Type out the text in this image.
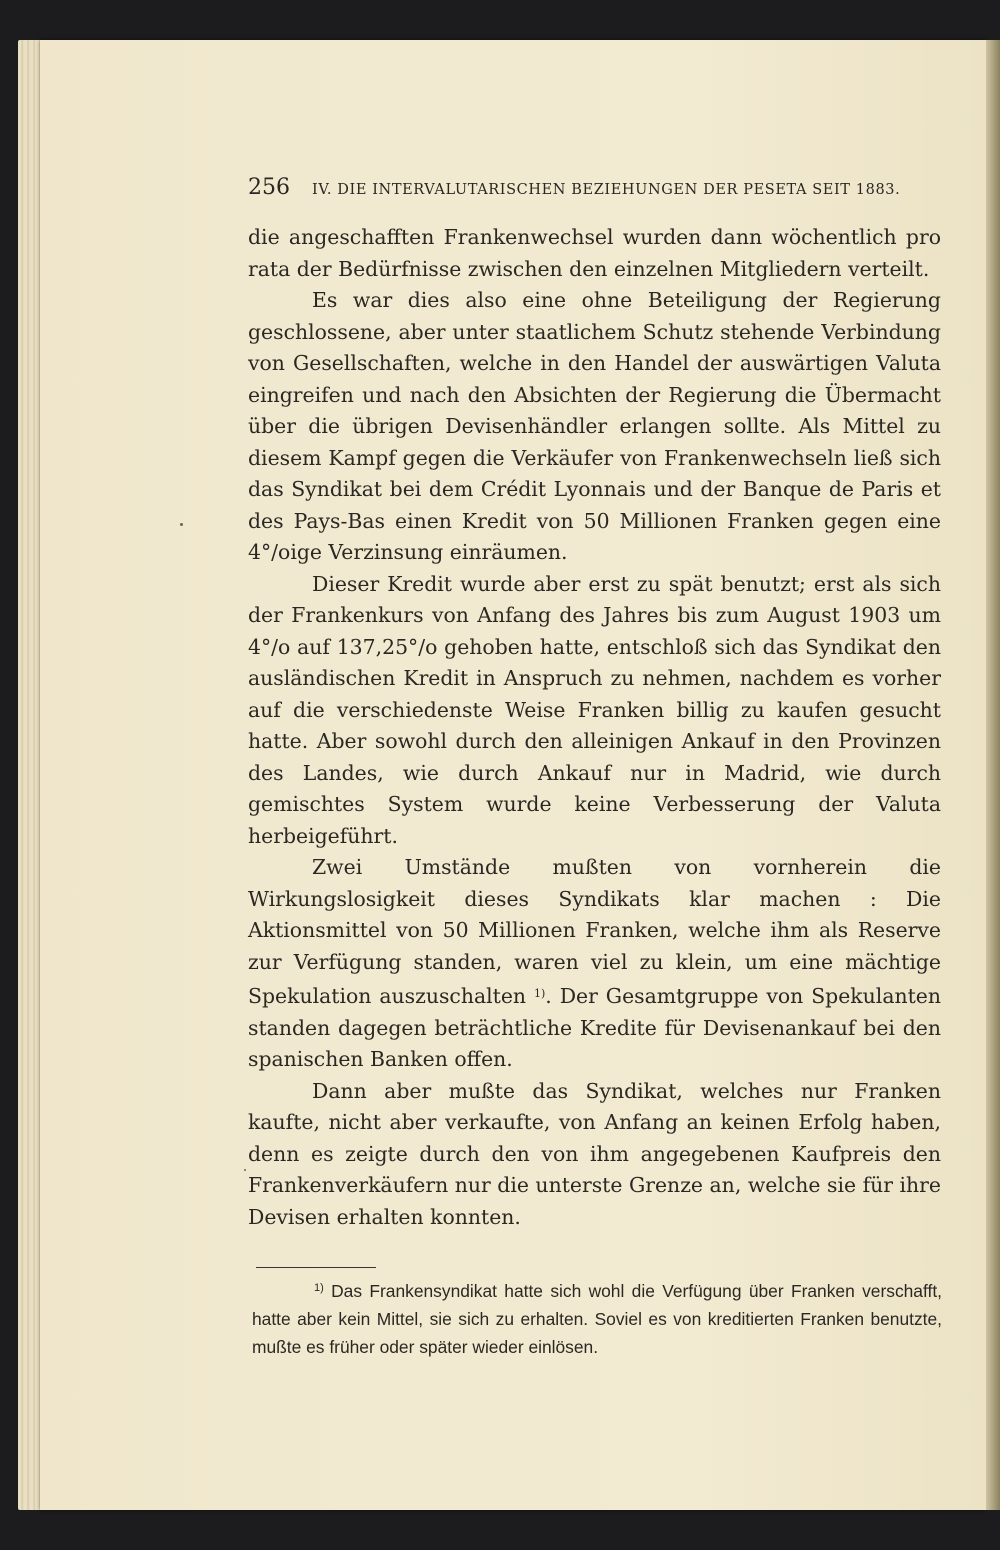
256	IV. DIE INTERVALUTARISCHEN BEZIEHUNGEN DER PESETA SEIT 1883.

die angeschafften Frankenwechsel wurden dann wöchentlich pro rata der Bedürfnisse zwischen den einzelnen Mitgliedern verteilt.

Es war dies also eine ohne Beteiligung der Regierung geschlossene, aber unter staatlichem Schutz stehende Verbindung von Gesellschaften, welche in den Handel der auswärtigen Valuta eingreifen und nach den Absichten der Regierung die Übermacht über die übrigen Devisenhändler erlangen sollte. Als Mittel zu diesem Kampf gegen die Verkäufer von Frankenwechseln ließ sich das Syndikat bei dem Crédit Lyonnais und der Banque de Paris et des Pays-Bas einen Kredit von 50 Millionen Franken gegen eine 4°/oige Verzinsung einräumen.

Dieser Kredit wurde aber erst zu spät benutzt; erst als sich der Frankenkurs von Anfang des Jahres bis zum August 1903 um 4°/o auf 137,25°/o gehoben hatte, entschloß sich das Syndikat den ausländischen Kredit in Anspruch zu nehmen, nachdem es vorher auf die verschiedenste Weise Franken billig zu kaufen gesucht hatte. Aber sowohl durch den alleinigen Ankauf in den Provinzen des Landes, wie durch Ankauf nur in Madrid, wie durch gemischtes System wurde keine Verbesserung der Valuta herbeigeführt.

Zwei Umstände mußten von vornherein die Wirkungslosigkeit dieses Syndikats klar machen : Die Aktionsmittel von 50 Millionen Franken, welche ihm als Reserve zur Verfügung standen, waren viel zu klein, um eine mächtige Spekulation auszuschalten $^{1)}$. Der Gesamtgruppe von Spekulanten standen dagegen beträchtliche Kredite für Devisenankauf bei den spanischen Banken offen.

Dann aber mußte das Syndikat, welches nur Franken kaufte, nicht aber verkaufte, von Anfang an keinen Erfolg haben, denn es zeigte durch den von ihm angegebenen Kaufpreis den Frankenverkäufern nur die unterste Grenze an, welche sie für ihre Devisen erhalten konnten.

$^{1)}$ Das Frankensyndikat hatte sich wohl die Verfügung über Franken verschafft, hatte aber kein Mittel, sie sich zu erhalten. Soviel es von kreditierten Franken benutzte, mußte es früher oder später wieder einlösen.
